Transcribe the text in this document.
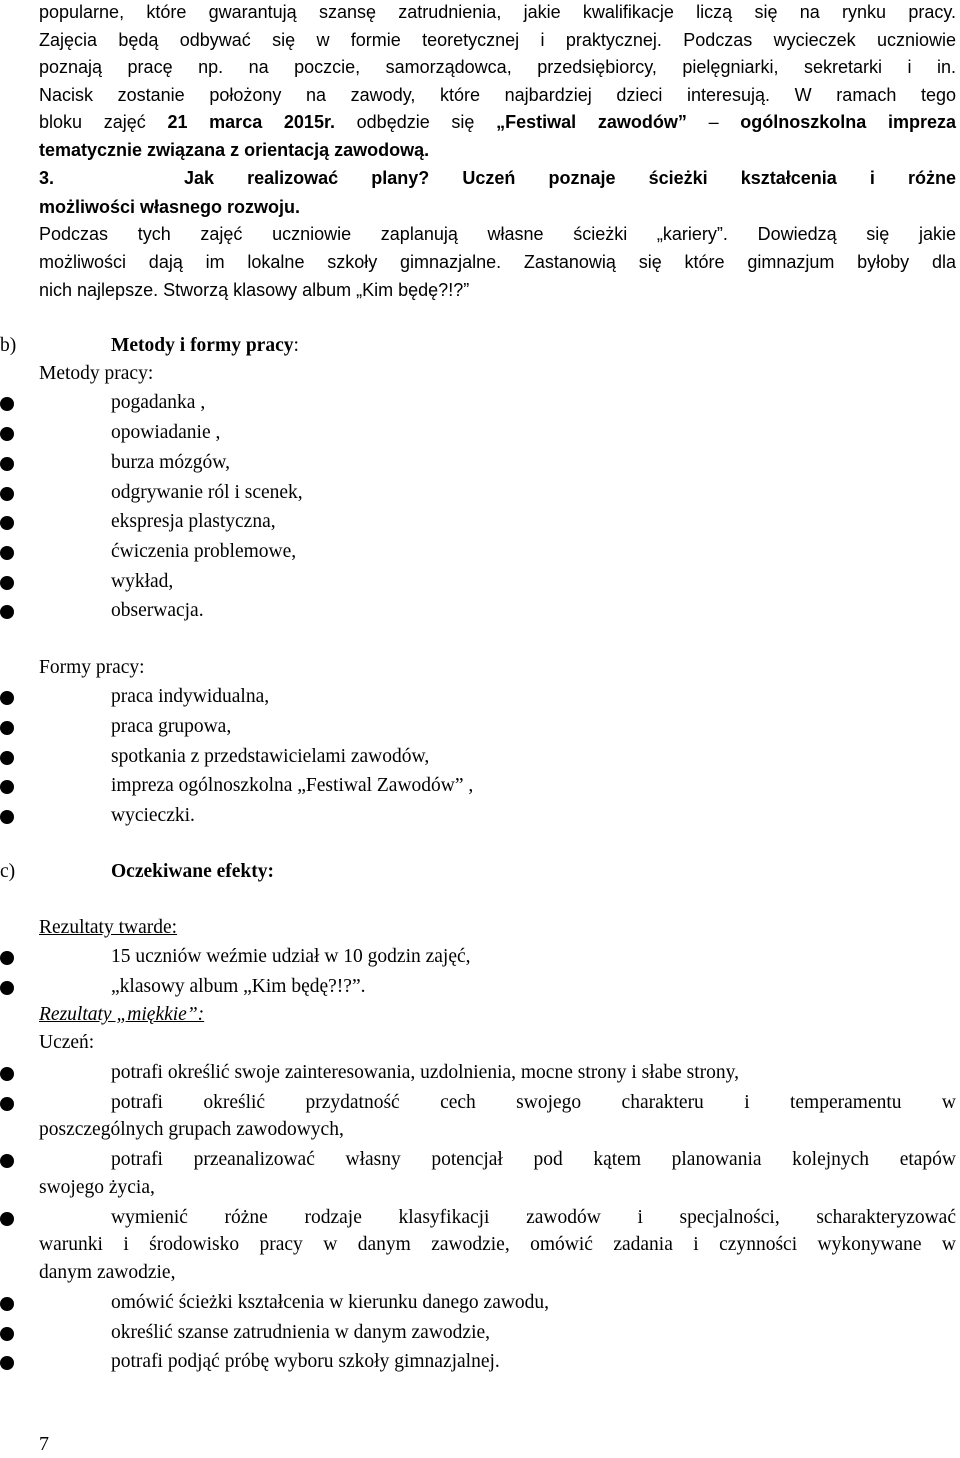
popularne, które gwarantują szansę zatrudnienia, jakie kwalifikacje liczą się na rynku pracy.
Zajęcia będą odbywać się w formie teoretycznej i praktycznej. Podczas wycieczek uczniowie
poznają pracę np. na poczcie, samorządowca, przedsiębiorcy, pielęgniarki, sekretarki i in.
Nacisk zostanie położony na zawody, które najbardziej dzieci interesują. W ramach tego
bloku zajęć 21 marca 2015r. odbędzie się „Festiwal zawodów” – ogólnoszkolna impreza
tematycznie związana z orientacją zawodową.
3.	Jak realizować plany? Uczeń poznaje ścieżki kształcenia i różne
możliwości własnego rozwoju.
Podczas tych zajęć uczniowie zaplanują własne ścieżki „kariery”. Dowiedzą się jakie
możliwości dają im lokalne szkoły gimnazjalne. Zastanowią się które gimnazjum byłoby dla
nich najlepsze. Stworzą klasowy album „Kim będę?!?”
b)	Metody i formy pracy:
Metody pracy:
pogadanka ,
opowiadanie ,
burza mózgów,
odgrywanie ról i scenek,
ekspresja plastyczna,
ćwiczenia problemowe,
wykład,
obserwacja.
Formy pracy:
praca indywidualna,
praca grupowa,
spotkania z przedstawicielami zawodów,
impreza ogólnoszkolna „Festiwal Zawodów” ,
wycieczki.
c)	Oczekiwane efekty:
Rezultaty twarde:
15 uczniów weźmie udział w 10 godzin zajęć,
„klasowy album „Kim będę?!?”.
Rezultaty „miękkie”:
Uczeń:
potrafi określić swoje zainteresowania, uzdolnienia, mocne strony i słabe strony,
potrafi określić przydatność cech swojego charakteru i temperamentu w
poszczególnych grupach zawodowych,
potrafi przeanalizować własny potencjał pod kątem planowania kolejnych etapów
swojego życia,
wymienić różne rodzaje klasyfikacji zawodów i specjalności, scharakteryzować
warunki i środowisko pracy w danym zawodzie, omówić zadania i czynności wykonywane w
danym zawodzie,
omówić ścieżki kształcenia w kierunku danego zawodu,
określić szanse zatrudnienia w danym zawodzie,
potrafi podjąć próbę wyboru szkoły gimnazjalnej.
7
